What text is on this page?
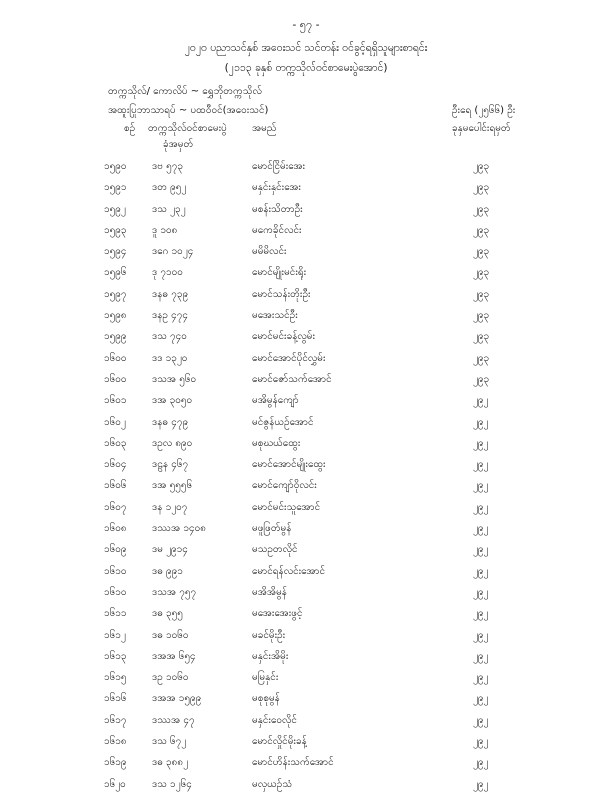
- ၅၇ -
၂၀၂၀ ပညာသင်နှစ် အဝေးသင် သင်တန်း ဝင်ခွင့်ရရှိသူများစာရင်း
(၂၁၁၃ ခုနှစ် တက္ကသိုလ်ဝင်စာမေးပွဲအောင်)
တက္ကသိုလ်/ ကောလိပ် ~ ရွှေဘိုတက္ကသိုလ်
အထူးပြုဘာသာရပ် ~ ပထဝီဝင်(အဝေးသင်)	ဦးရေ (၂၅၆၆) ဦး
စဉ် တက္ကသိုလ်ဝင်စာမေးပွဲ
ခုံအမှတ်
အမည်	ခုနှမပေါင်းရမှတ်
၁၅၉၀	ဒဗ ၅၇၃	မောင်ငြိမ်းအေး	၂၉၃
၁၅၉၁	ဒတ ၉၅၂	မနှင်းနှင်းအေး	၂၉၃
၁၅၉၂	ဒသ ၂၃၂	မစန်းသိတာဦး	၂၉၃
၁၅၉၃	ဒူ ၁၀၈	မကေခိုင်လင်း	၂၉၃
၁၅၉၄	ဒဂေ ၁၀၂၄	မမိမိလင်း	၂၉၃
၁၅၉၆	ဒု ၇၁၀၀	မောင်မျိုးမင်းရိုး	၂၉၃
၁၅၉၇	ဒနဓ ၇၃၉	မောင်သန်းတိုးဦး	၂၉၃
၁၅၉၈	ဒနဥ ၄၇၄	မအေးသင်ဦး	၂၉၃
၁၅၉၉	ဒသ ၇၄၀	မောင်မင်းခန့်လွမ်း	၂၉၃
၁၆၀၀	ဒဒ ၁၃၂၀	မောင်အောင်ပိုင်လွှမ်း	၂၉၃
၁၆၀၀	ဒသအ ၅၆၀	မောင်ဇော်သက်အောင်	၂၉၃
၁၆၀၁	ဒအ ၃၀၅၀	မအိမွန်ကျော်	၂၉၂
၁၆၀၂	ဒနဓ ၄၇၉	မင်ဇွန်ယဉ်အောင်	၂၉၂
၁၆၀၃	ဒဥလ ၈၉၀	မစုဃယ်ထွေး	၂၉၂
၁၆၀၄	ဒဠန ၄၆၇	မောင်အောင်မျိုးထွေး	၂၉၂
၁၆၀၆	ဒအ ၅၅၅၆	မောင်ကျော်ဝိုလင်း	၂၉၂
၁၆၀၇	ဒန ၁၂၀၇	မောင်မင်းသူအောင်	၂၉၂
၁၆၀၈	ဒဿအ ၁၄၀၈	မဖူဖြတ်မွန်	၂၉၂
၁၆၀၉	ဒမ ၂၉၁၄	မသဥတလိုင်	၂၉၂
၁၆၁၀	ဒဓ ၉၉၁	မောင်ရန်လင်းအောင်	၂၉၂
၁၆၁၀	ဒသအ ၇၅၇	မအိအိမွန်	၂၉၂
၁၆၁၁	ဒဓ ၃၅၅	မအေးအေးဖွင့်	၂၉၂
၁၆၁၂	ဒဓ ၁၀၆၀	မခင်မိုးဦး	၂၉၂
၁၆၁၃	ဒအအ ၆၅၄	မနှင်းအိမိုး	၂၉၂
၁၆၁၅	ဒဥ ၁၀၆၀	မမြနှင်း	၂၉၂
၁၆၁၆	ဒအအ ၁၅၉၉	မစုစုမွန်	၂၉၂
၁၆၁၇	ဒဿအ ၄၇	မနှင်းဝေလိုင်	၂၉၂
၁၆၁၈	ဒသ ၆၇၂	မောင်လှိုင်မိုးခန့်	၂၉၂
၁၆၁၉	ဒဓ ၃၈၈၂	မောင်ဟိန်းသက်အောင်	၂၉၂
၁၆၂၀	ဒသ ၁၂၆၄	မလှယဉ်သံ	၂၉၂
